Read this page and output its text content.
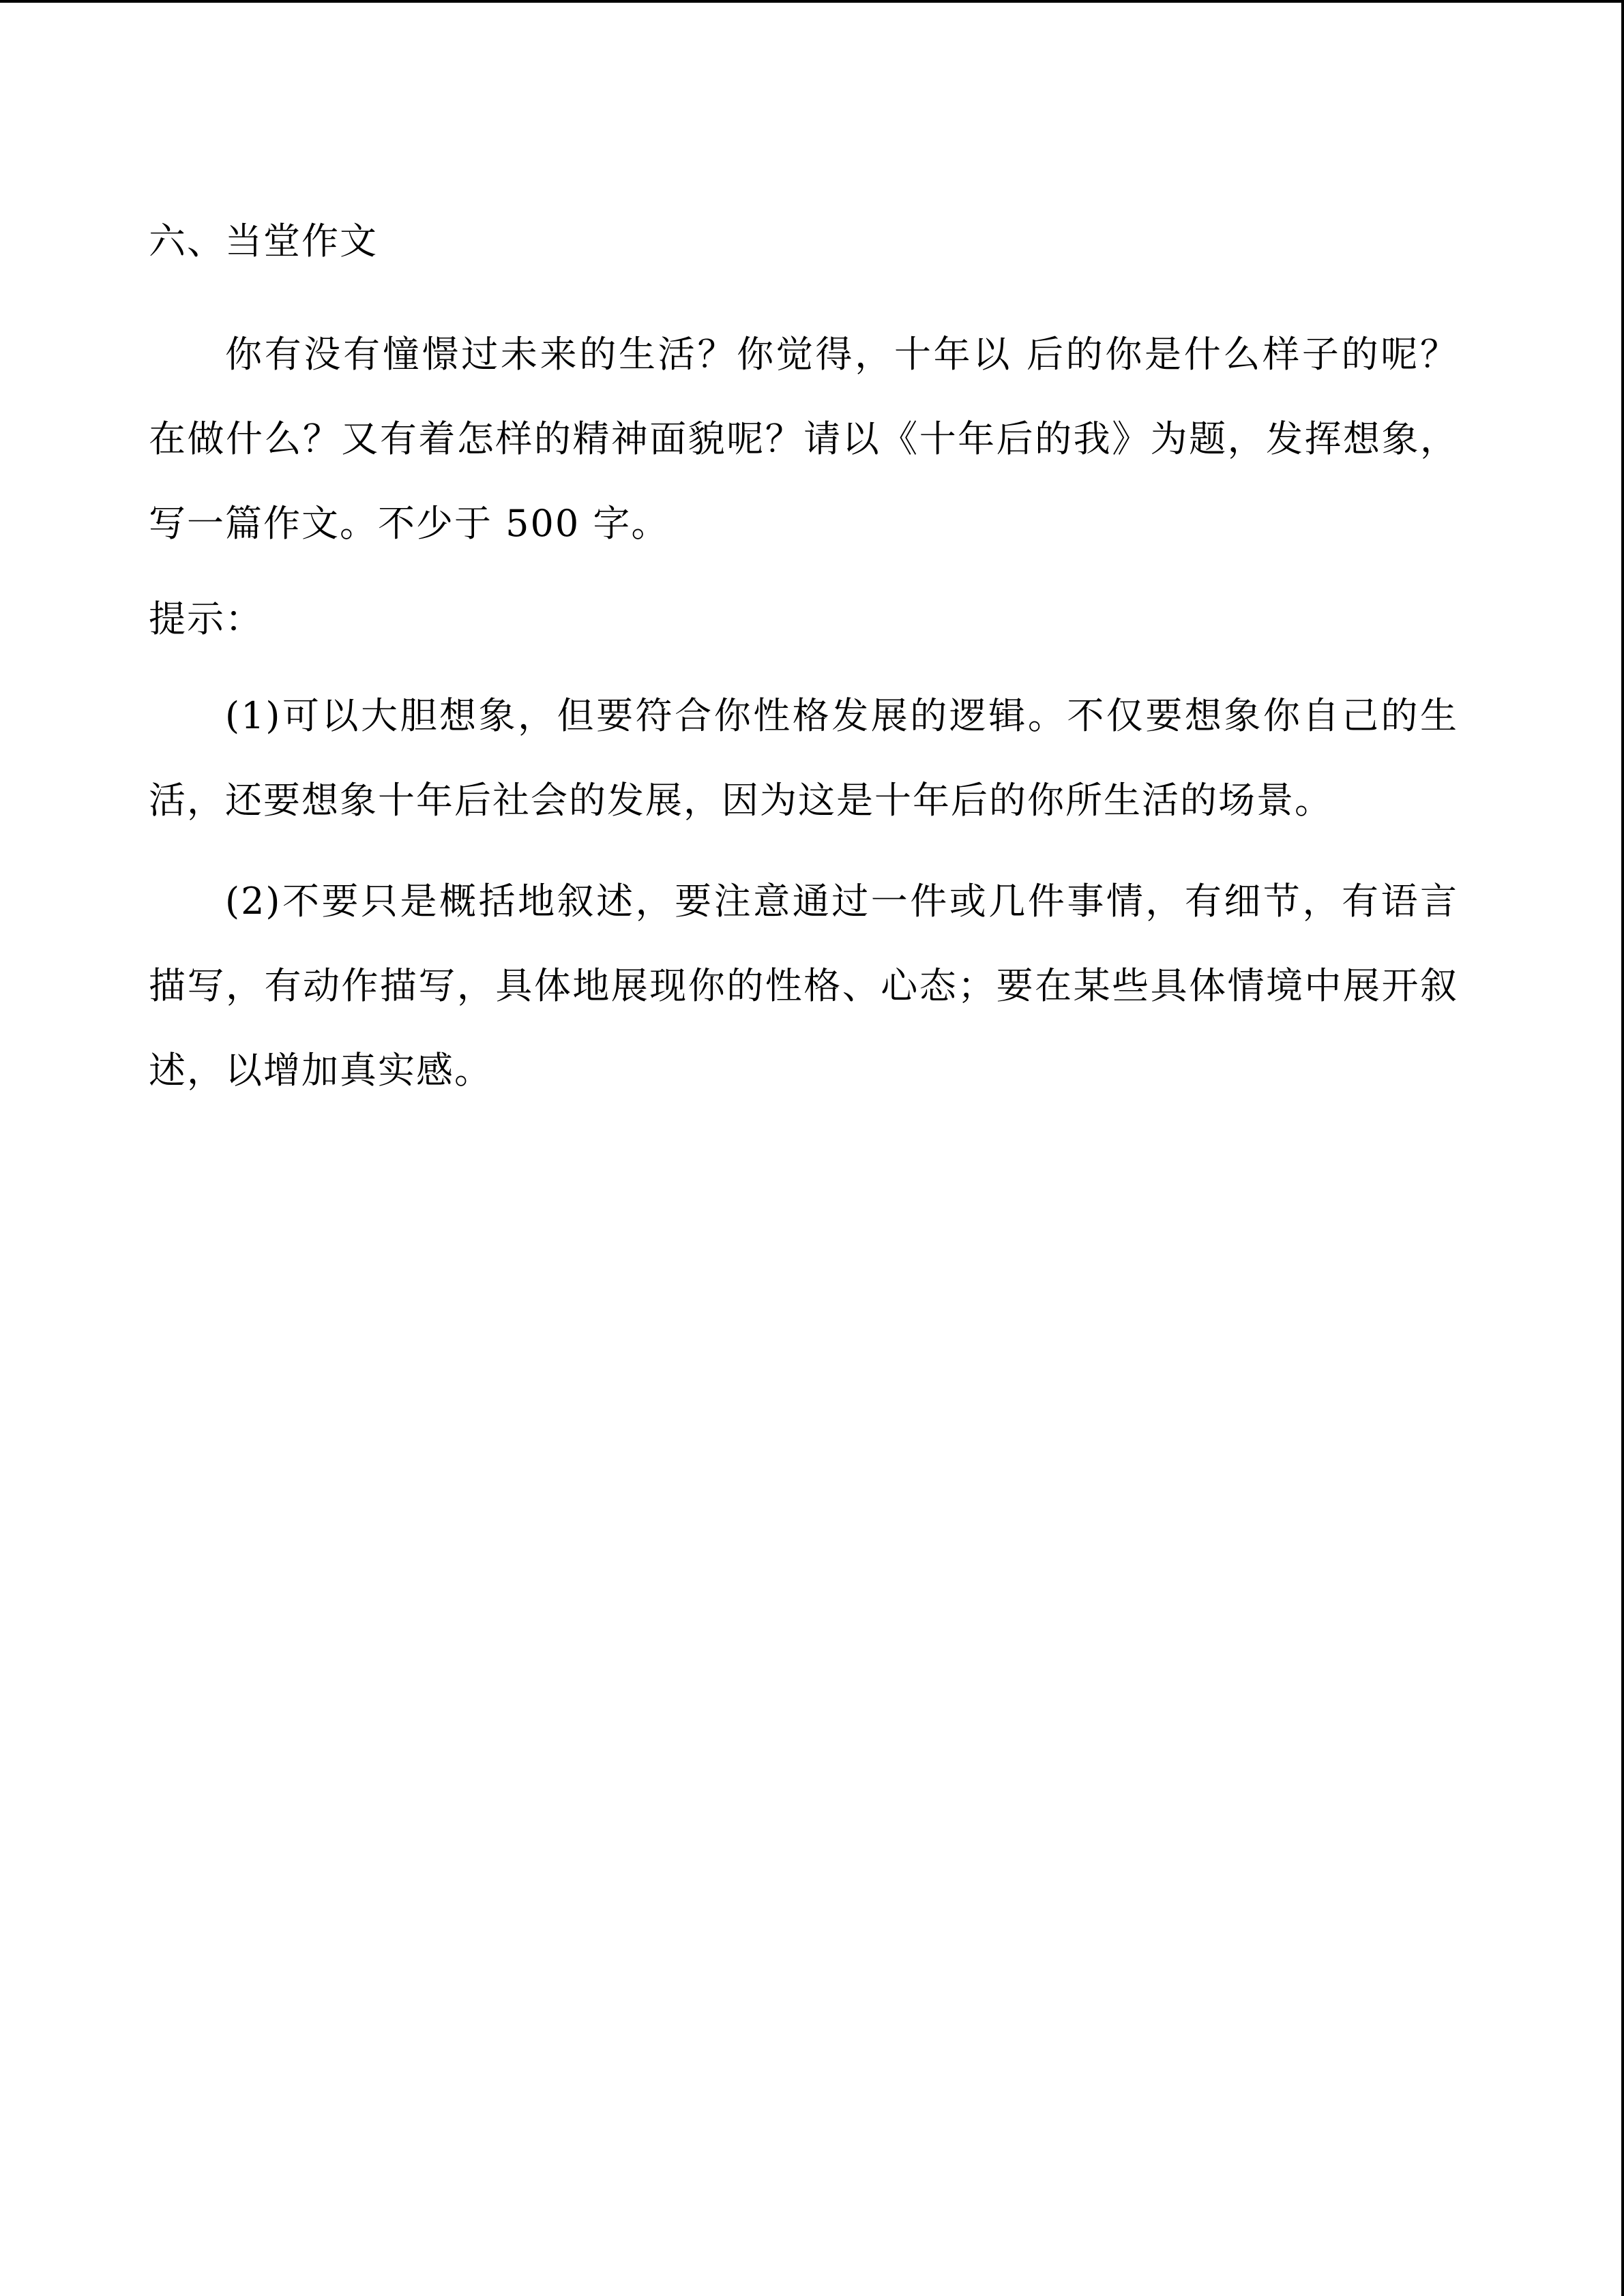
六、当堂作文

你有没有憧憬过未来的生活？你觉得，十年以 后的你是什么样子的呢？在做什么？又有着怎样的精神面貌呢？请以《十年后的我》为题，发挥想象，写一篇作文。不少于 500 字。

提示：

(1)可以大胆想象，但要符合你性格发展的逻辑。不仅要想象你自己的生活，还要想象十年后社会的发展，因为这是十年后的你所生活的场景。

(2)不要只是概括地叙述，要注意通过一件或几件事情，有细节，有语言描写，有动作描写，具体地展现你的性格、心态；要在某些具体情境中展开叙述，以增加真实感。
